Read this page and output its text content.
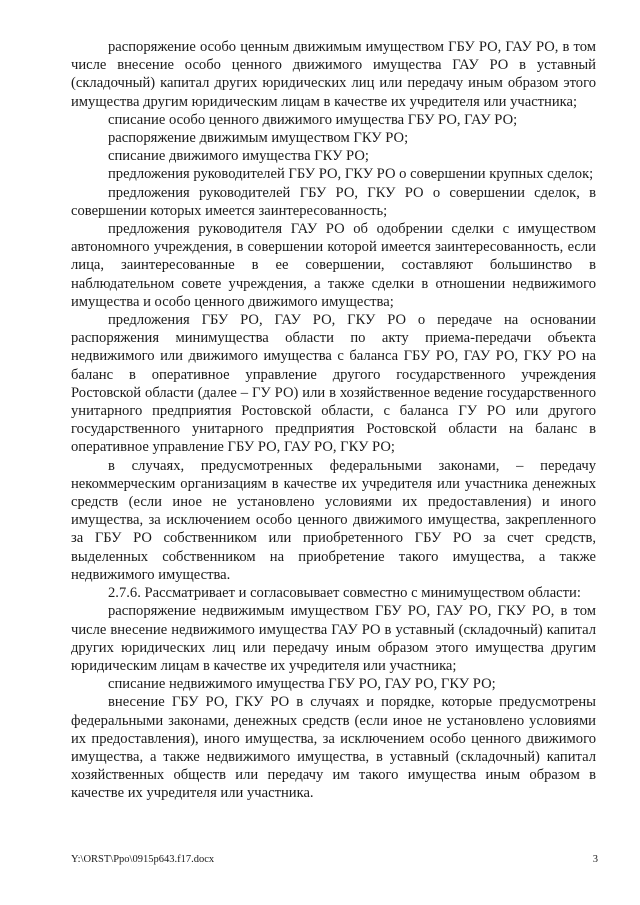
распоряжение особо ценным движимым имуществом ГБУ РО, ГАУ РО, в том числе внесение особо ценного движимого имущества ГАУ РО в уставный (складочный) капитал других юридических лиц или передачу иным образом этого имущества другим юридическим лицам в качестве их учредителя или участника;

списание особо ценного движимого имущества ГБУ РО, ГАУ РО;

распоряжение движимым имуществом ГКУ РО;

списание движимого имущества ГКУ РО;

предложения руководителей ГБУ РО, ГКУ РО о совершении крупных сделок;

предложения руководителей ГБУ РО, ГКУ РО о совершении сделок, в совершении которых имеется заинтересованность;

предложения руководителя ГАУ РО об одобрении сделки с имуществом автономного учреждения, в совершении которой имеется заинтересованность, если лица, заинтересованные в ее совершении, составляют большинство в наблюдательном совете учреждения, а также сделки в отношении недвижимого имущества и особо ценного движимого имущества;

предложения ГБУ РО, ГАУ РО, ГКУ РО о передаче на основании распоряжения минимущества области по акту приема-передачи объекта недвижимого или движимого имущества с баланса ГБУ РО, ГАУ РО, ГКУ РО на баланс в оперативное управление другого государственного учреждения Ростовской области (далее – ГУ РО) или в хозяйственное ведение государственного унитарного предприятия Ростовской области, с баланса ГУ РО или другого государственного унитарного предприятия Ростовской области на баланс в оперативное управление ГБУ РО, ГАУ РО, ГКУ РО;

в случаях, предусмотренных федеральными законами, – передачу некоммерческим организациям в качестве их учредителя или участника денежных средств (если иное не установлено условиями их предоставления) и иного имущества, за исключением особо ценного движимого имущества, закрепленного за ГБУ РО собственником или приобретенного ГБУ РО за счет средств, выделенных собственником на приобретение такого имущества, а также недвижимого имущества.

2.7.6. Рассматривает и согласовывает совместно с минимуществом области:

распоряжение недвижимым имуществом ГБУ РО, ГАУ РО, ГКУ РО, в том числе внесение недвижимого имущества ГАУ РО в уставный (складочный) капитал других юридических лиц или передачу иным образом этого имущества другим юридическим лицам в качестве их учредителя или участника;

списание недвижимого имущества ГБУ РО, ГАУ РО, ГКУ РО;

внесение ГБУ РО, ГКУ РО в случаях и порядке, которые предусмотрены федеральными законами, денежных средств (если иное не установлено условиями их предоставления), иного имущества, за исключением особо ценного движимого имущества, а также недвижимого имущества, в уставный (складочный) капитал хозяйственных обществ или передачу им такого имущества иным образом в качестве их учредителя или участника.

Y:\ORST\Ppo\0915p643.f17.docx	3
